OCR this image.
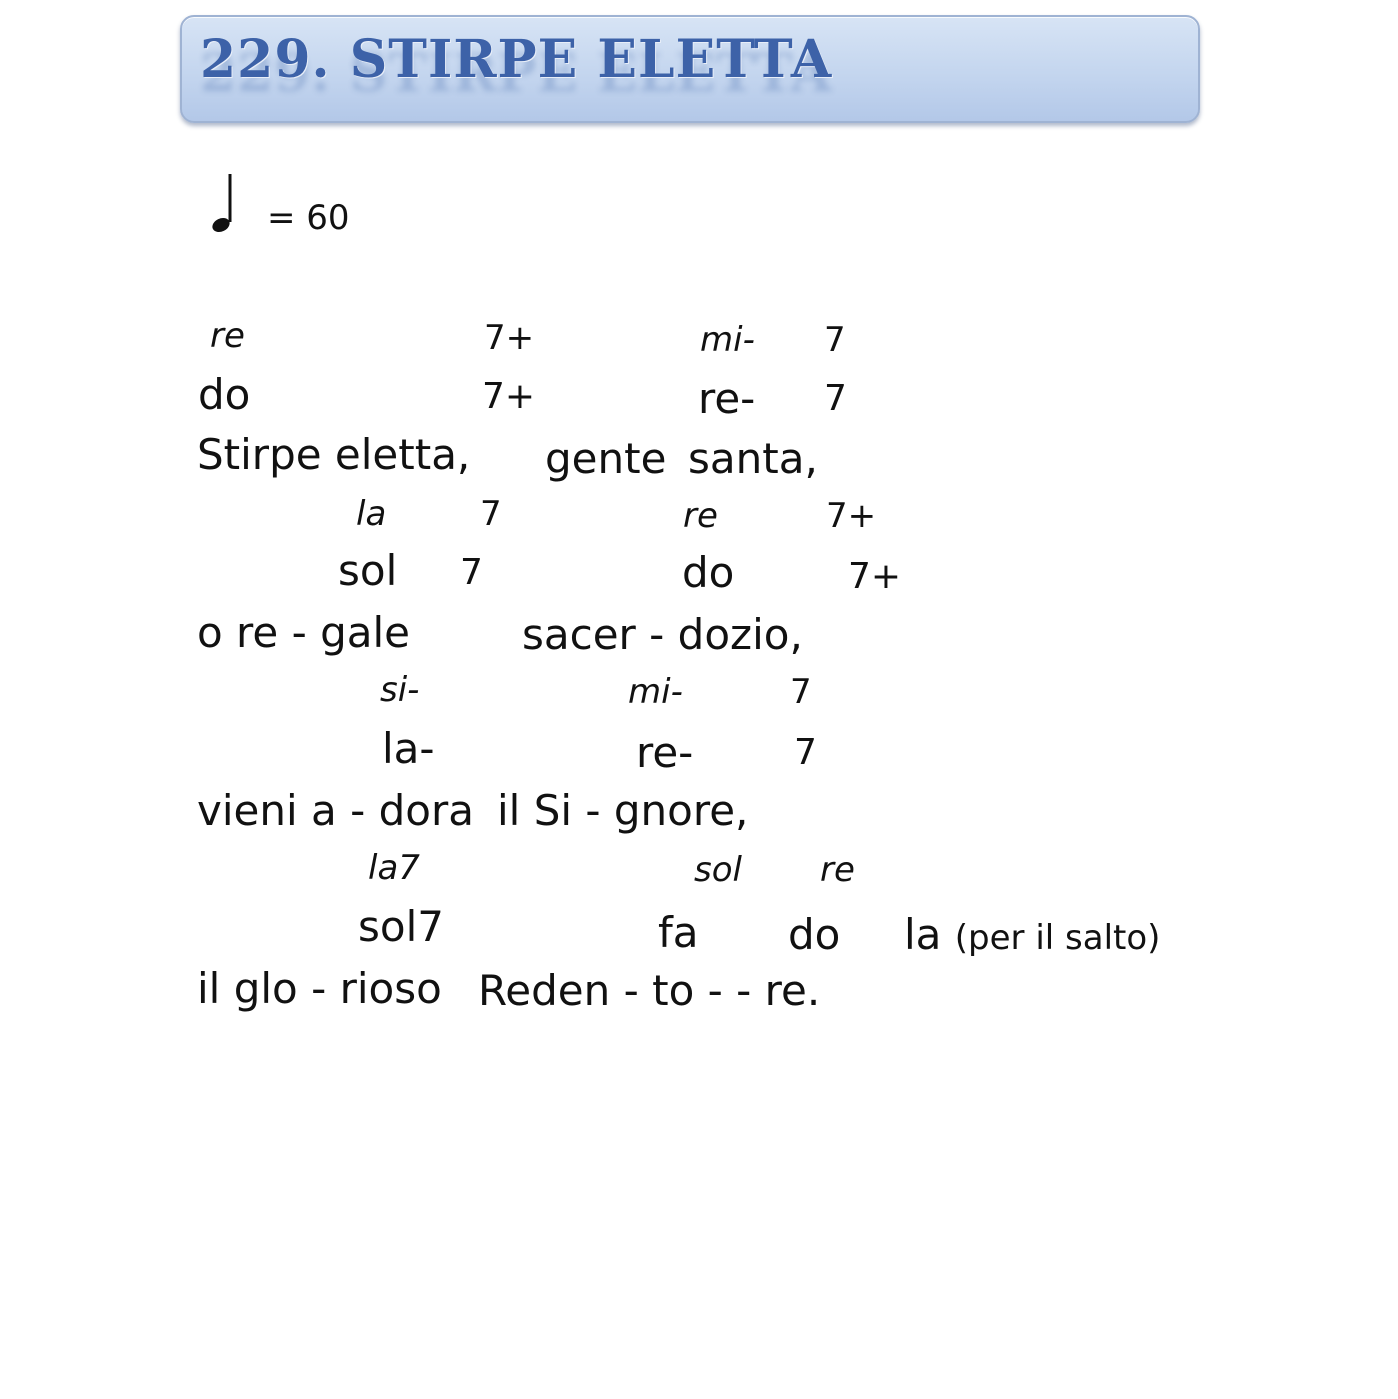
229. STIRPE ELETTA
= 60
re	7+	mi- 7
do	7+	re- 7
Stirpe eletta, gente santa,
la	7	re	7+
sol 7	do	7+
o re - gale	sacer - dozio,
si-	mi-	7
la-	re-	7
vieni a - dora il Si - gnore,
la7	sol re
sol7	fa do la (per il salto)
il glo - rioso Reden - to - - re.
